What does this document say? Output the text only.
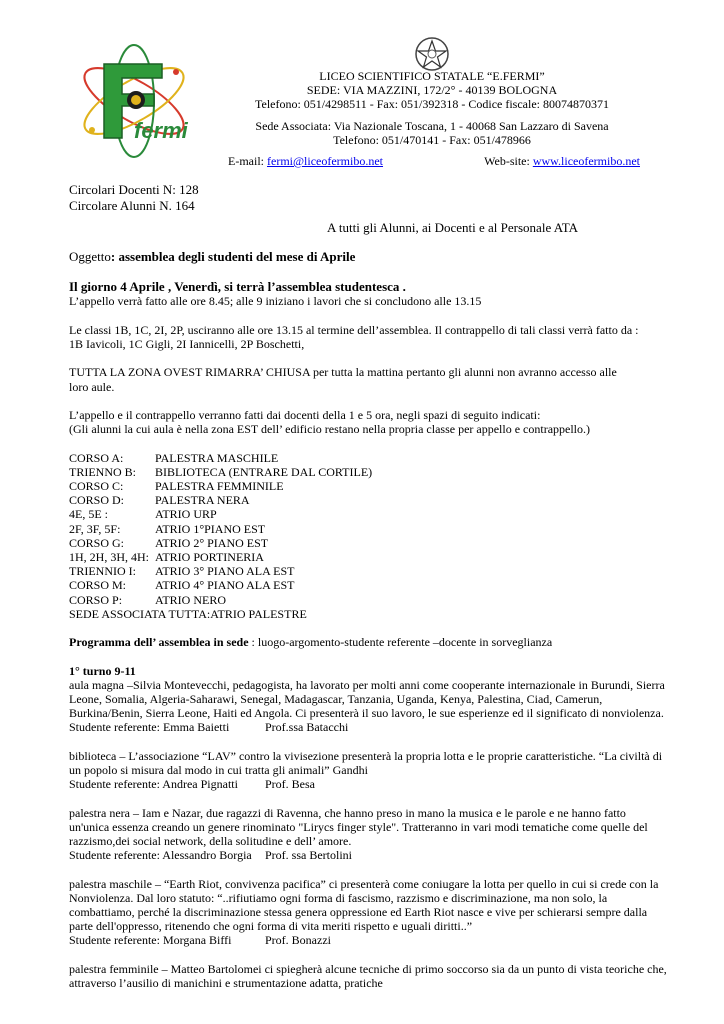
fermi
LICEO SCIENTIFICO STATALE “E.FERMI”
SEDE: VIA MAZZINI, 172/2° - 40139 BOLOGNA
Telefono: 051/4298511 - Fax: 051/392318 - Codice fiscale: 80074870371
Sede Associata: Via Nazionale Toscana, 1 - 40068 San Lazzaro di Savena
Telefono: 051/470141 - Fax: 051/478966
E-mail: fermi@liceofermibo.net	Web-site: www.liceofermibo.net

Circolari Docenti N: 128

Circolare Alunni N. 164

A tutti gli Alunni, ai Docenti e al Personale ATA

Oggetto: assemblea degli studenti del mese di Aprile

Il giorno 4 Aprile , Venerdì, si terrà l’assemblea studentesca .

L’appello verrà fatto alle ore 8.45; alle 9 iniziano i lavori che si concludono alle 13.15

Le classi 1B, 1C, 2I, 2P, usciranno alle ore 13.15 al termine dell’assemblea. Il contrappello di tali classi verrà fatto da :

1B Iavicoli, 1C Gigli, 2I Iannicelli, 2P Boschetti,

TUTTA LA ZONA OVEST RIMARRA’ CHIUSA per tutta la mattina pertanto gli alunni non avranno accesso alle

loro aule.

L’appello e il contrappello verranno fatti dai docenti della 1 e 5 ora, negli spazi di seguito indicati:

(Gli alunni la cui aula è nella zona EST dell’ edificio restano nella propria classe per appello e contrappello.)

CORSO A:	PALESTRA MASCHILE
TRIENNO B:	BIBLIOTECA (ENTRARE DAL CORTILE)
CORSO C:	PALESTRA FEMMINILE
CORSO D:	PALESTRA NERA
4E, 5E :	ATRIO URP
2F, 3F, 5F:	ATRIO 1°PIANO EST
CORSO G:	ATRIO 2° PIANO EST
1H, 2H, 3H, 4H: ATRIO PORTINERIA
TRIENNIO I:	ATRIO 3° PIANO ALA EST
CORSO M:	ATRIO 4° PIANO ALA EST
CORSO P:	ATRIO NERO

SEDE ASSOCIATA TUTTA:ATRIO PALESTRE

Programma dell’ assemblea in sede : luogo-argomento-studente referente –docente in sorveglianza

1° turno 9-11

aula magna –Silvia Montevecchi, pedagogista, ha lavorato per molti anni come cooperante internazionale in Burundi, Sierra Leone, Somalia, Algeria-Saharawi, Senegal, Madagascar, Tanzania, Uganda, Kenya, Palestina, Ciad, Camerun, Burkina/Benin, Sierra Leone, Haiti ed Angola. Ci presenterà il suo lavoro, le sue esperienze ed il significato di nonviolenza.

Studente referente: Emma Baietti	Prof.ssa Batacchi

biblioteca – L’associazione “LAV” contro la vivisezione presenterà la propria lotta e le proprie caratteristiche. “La civiltà di un popolo si misura dal modo in cui tratta gli animali” Gandhi

Studente referente: Andrea Pignatti	Prof. Besa

palestra nera – Iam e Nazar, due ragazzi di Ravenna, che hanno preso in mano la musica e le parole e ne hanno fatto un'unica essenza creando un genere rinominato "Lirycs finger style". Tratteranno in vari modi tematiche come quelle del razzismo,dei social network, della solitudine e dell’ amore.

Studente referente: Alessandro Borgia	Prof. ssa Bertolini

palestra maschile – “Earth Riot, convivenza pacifica” ci presenterà come coniugare la lotta per quello in cui si crede con la Nonviolenza. Dal loro statuto: “..rifiutiamo ogni forma di fascismo, razzismo e discriminazione, ma non solo, la combattiamo, perché la discriminazione stessa genera oppressione ed Earth Riot nasce e vive per schierarsi sempre dalla parte dell'oppresso, ritenendo che ogni forma di vita meriti rispetto e uguali diritti..”

Studente referente: Morgana Biffi	Prof. Bonazzi

palestra femminile – Matteo Bartolomei ci spiegherà alcune tecniche di primo soccorso sia da un punto di vista teoriche che, attraverso l’ausilio di manichini e strumentazione adatta, pratiche
